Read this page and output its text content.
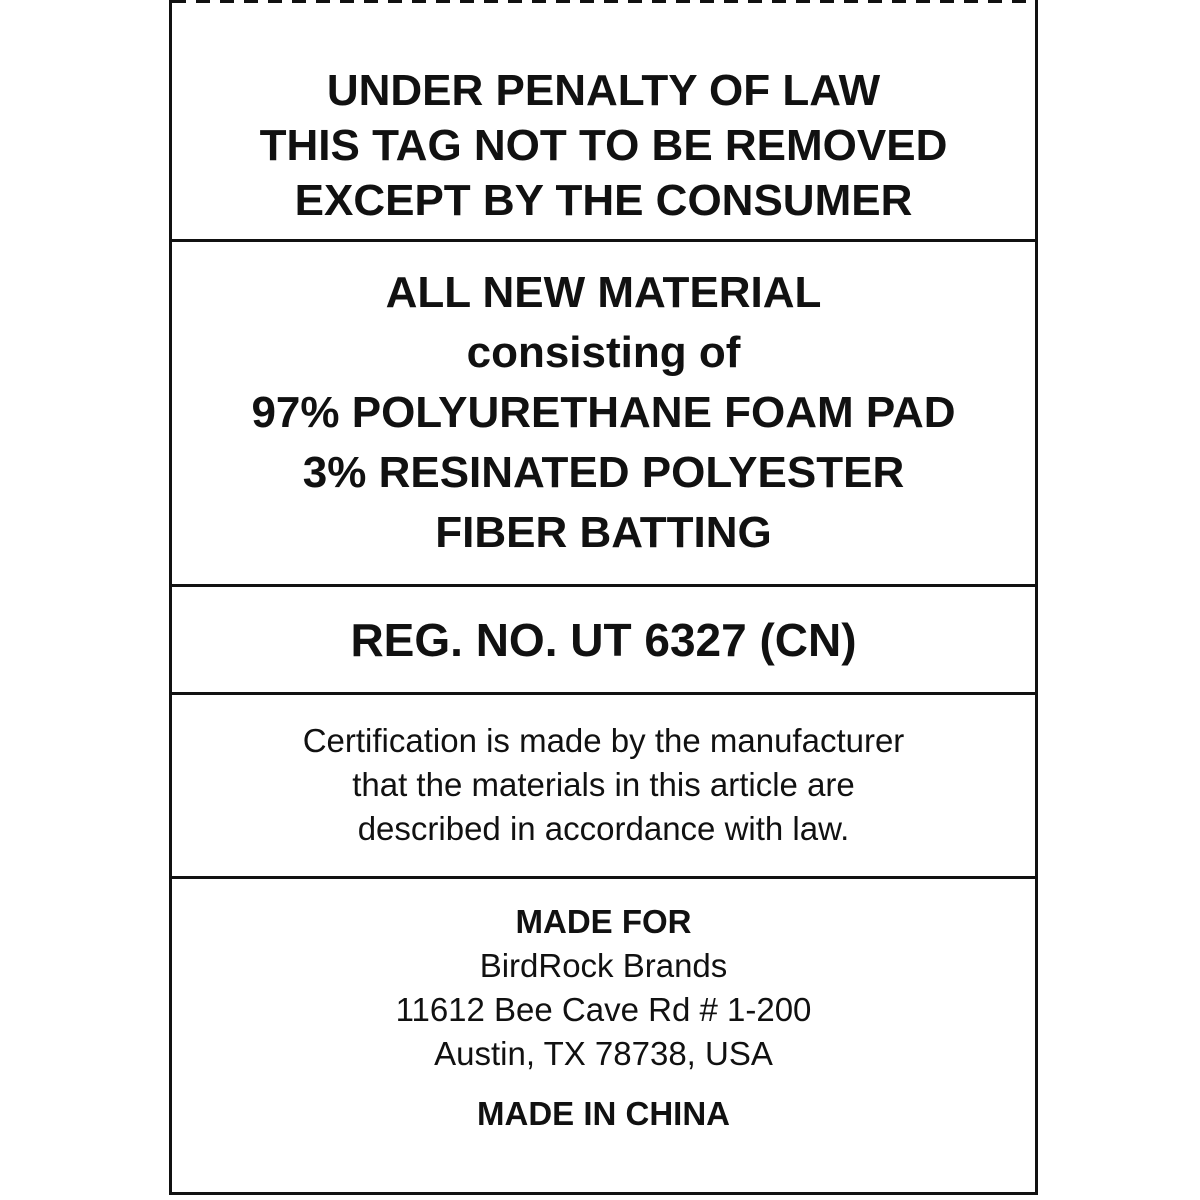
UNDER PENALTY OF LAW
THIS TAG NOT TO BE REMOVED
EXCEPT BY THE CONSUMER
ALL NEW MATERIAL
consisting of
97% POLYURETHANE FOAM PAD
3% RESINATED POLYESTER
FIBER BATTING
REG. NO. UT 6327 (CN)
Certification is made by the manufacturer
that the materials in this article are
described in accordance with law.
MADE FOR
BirdRock Brands
11612 Bee Cave Rd # 1-200
Austin, TX 78738, USA
MADE IN CHINA
